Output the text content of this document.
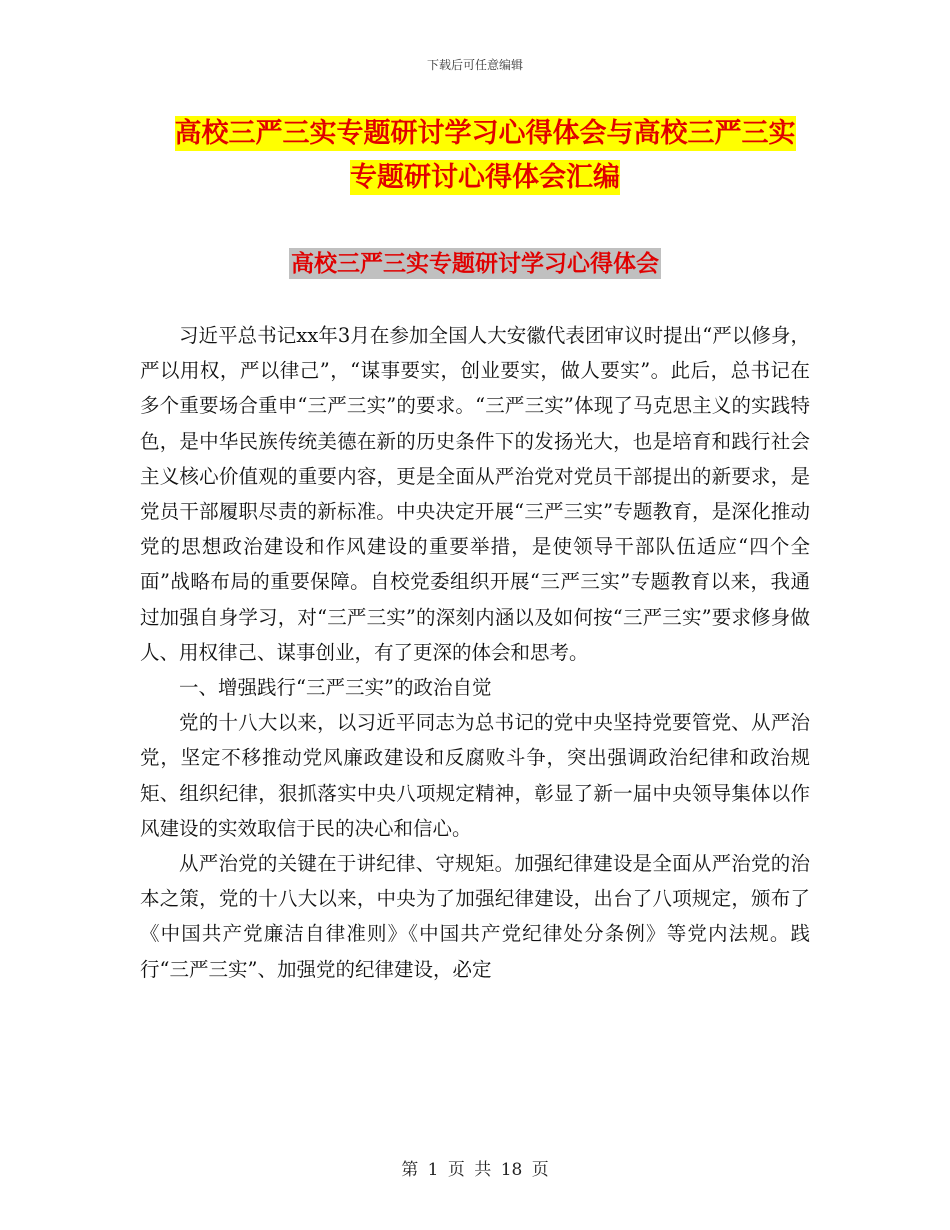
下载后可任意编辑
高校三严三实专题研讨学习心得体会与高校三严三实
专题研讨心得体会汇编
高校三严三实专题研讨学习心得体会

习近平总书记xx年3月在参加全国人大安徽代表团审议时提出“严以修身，严以用权，严以律己”，“谋事要实，创业要实，做人要实”。此后，总书记在多个重要场合重申“三严三实”的要求。“三严三实”体现了马克思主义的实践特色，是中华民族传统美德在新的历史条件下的发扬光大，也是培育和践行社会主义核心价值观的重要内容，更是全面从严治党对党员干部提出的新要求，是党员干部履职尽责的新标准。中央决定开展“三严三实”专题教育，是深化推动党的思想政治建设和作风建设的重要举措，是使领导干部队伍适应“四个全面”战略布局的重要保障。自校党委组织开展“三严三实”专题教育以来，我通过加强自身学习，对“三严三实”的深刻内涵以及如何按“三严三实”要求修身做人、用权律己、谋事创业，有了更深的体会和思考。

一、增强践行“三严三实”的政治自觉

党的十八大以来，以习近平同志为总书记的党中央坚持党要管党、从严治党，坚定不移推动党风廉政建设和反腐败斗争，突出强调政治纪律和政治规矩、组织纪律，狠抓落实中央八项规定精神，彰显了新一届中央领导集体以作风建设的实效取信于民的决心和信心。

从严治党的关键在于讲纪律、守规矩。加强纪律建设是全面从严治党的治本之策，党的十八大以来，中央为了加强纪律建设，出台了八项规定，颁布了《中国共产党廉洁自律准则》《中国共产党纪律处分条例》等党内法规。践行“三严三实”、加强党的纪律建设，必定

第 1 页 共 18 页
